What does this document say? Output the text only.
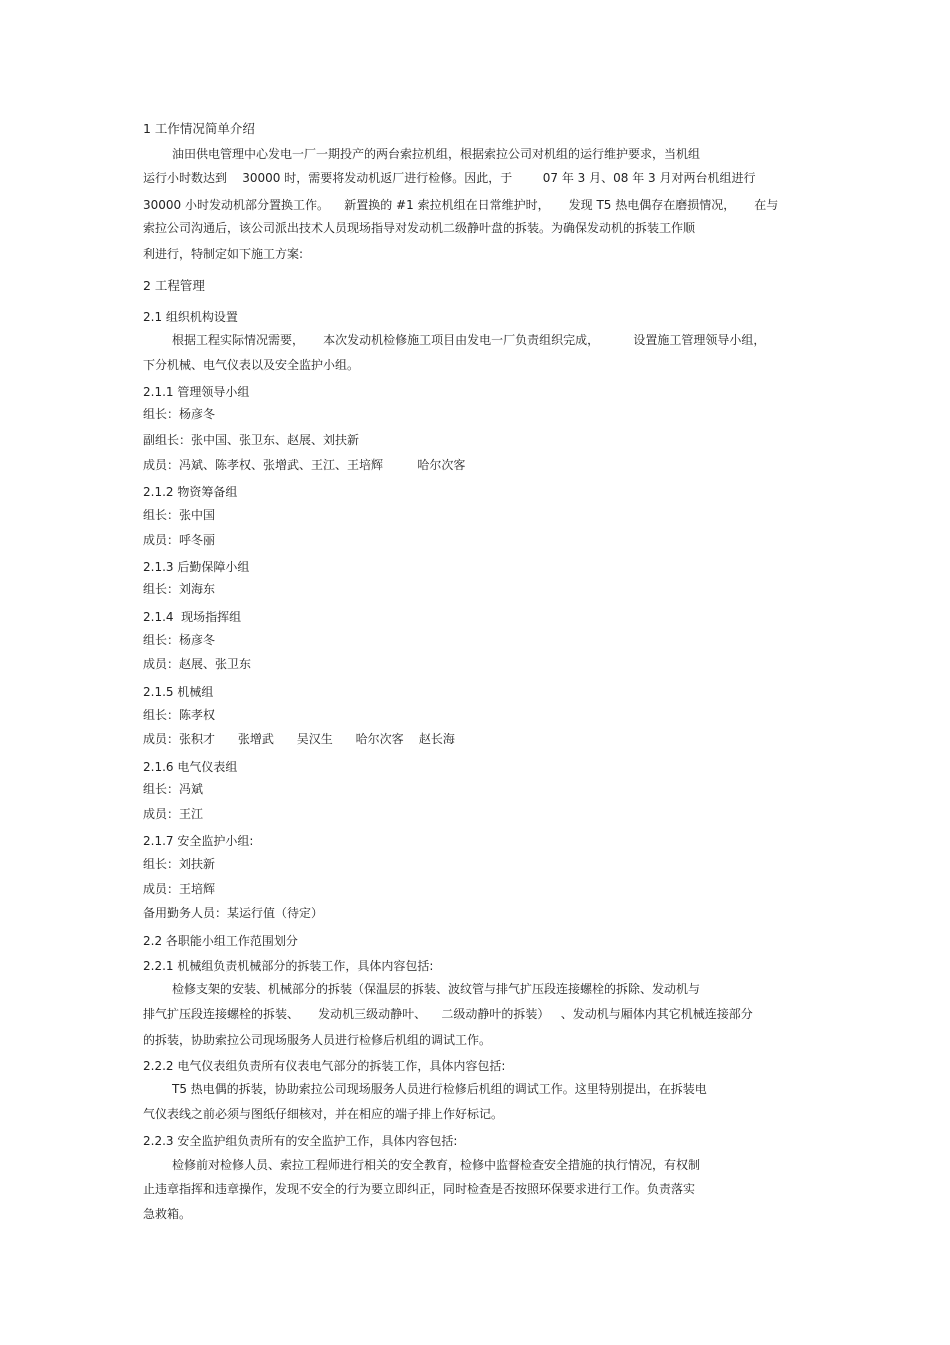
1 工作情况简单介绍

油田供电管理中心发电一厂一期投产的两台索拉机组，根据索拉公司对机组的运行维护要求，当机组

运行小时数达到    30000 时，需要将发动机返厂进行检修。因此，于        07 年 3 月、08 年 3 月对两台机组进行

30000 小时发动机部分置换工作。    新置换的 #1 索拉机组在日常维护时，     发现 T5 热电偶存在磨损情况，     在与

索拉公司沟通后，该公司派出技术人员现场指导对发动机二级静叶盘的拆装。为确保发动机的拆装工作顺

利进行，特制定如下施工方案:

2 工程管理

2.1 组织机构设置

根据工程实际情况需要，     本次发动机检修施工项目由发电一厂负责组织完成，         设置施工管理领导小组，

下分机械、电气仪表以及安全监护小组。

2.1.1 管理领导小组

组长：杨彦冬

副组长：张中国、张卫东、赵展、刘扶新

成员：冯斌、陈孝权、张增武、王江、王培辉         哈尔次客

2.1.2 物资筹备组

组长：张中国

成员：呼冬丽

2.1.3 后勤保障小组

组长：刘海东

2.1.4  现场指挥组

组长：杨彦冬

成员：赵展、张卫东

2.1.5 机械组

组长：陈孝权

成员：张积才      张增武      吴汉生      哈尔次客    赵长海

2.1.6 电气仪表组

组长：冯斌

成员：王江

2.1.7 安全监护小组:

组长：刘扶新

成员：王培辉

备用勤务人员：某运行值（待定）

2.2 各职能小组工作范围划分

2.2.1 机械组负责机械部分的拆装工作，具体内容包括:

检修支架的安装、机械部分的拆装（保温层的拆装、波纹管与排气扩压段连接螺栓的拆除、发动机与

排气扩压段连接螺栓的拆装、     发动机三级动静叶、    二级动静叶的拆装）   、发动机与厢体内其它机械连接部分

的拆装，协助索拉公司现场服务人员进行检修后机组的调试工作。

2.2.2 电气仪表组负责所有仪表电气部分的拆装工作，具体内容包括:

T5 热电偶的拆装，协助索拉公司现场服务人员进行检修后机组的调试工作。这里特别提出，在拆装电

气仪表线之前必须与图纸仔细核对，并在相应的端子排上作好标记。

2.2.3 安全监护组负责所有的安全监护工作，具体内容包括:

检修前对检修人员、索拉工程师进行相关的安全教育，检修中监督检查安全措施的执行情况，有权制

止违章指挥和违章操作，发现不安全的行为要立即纠正，同时检查是否按照环保要求进行工作。负责落实

急救箱。
